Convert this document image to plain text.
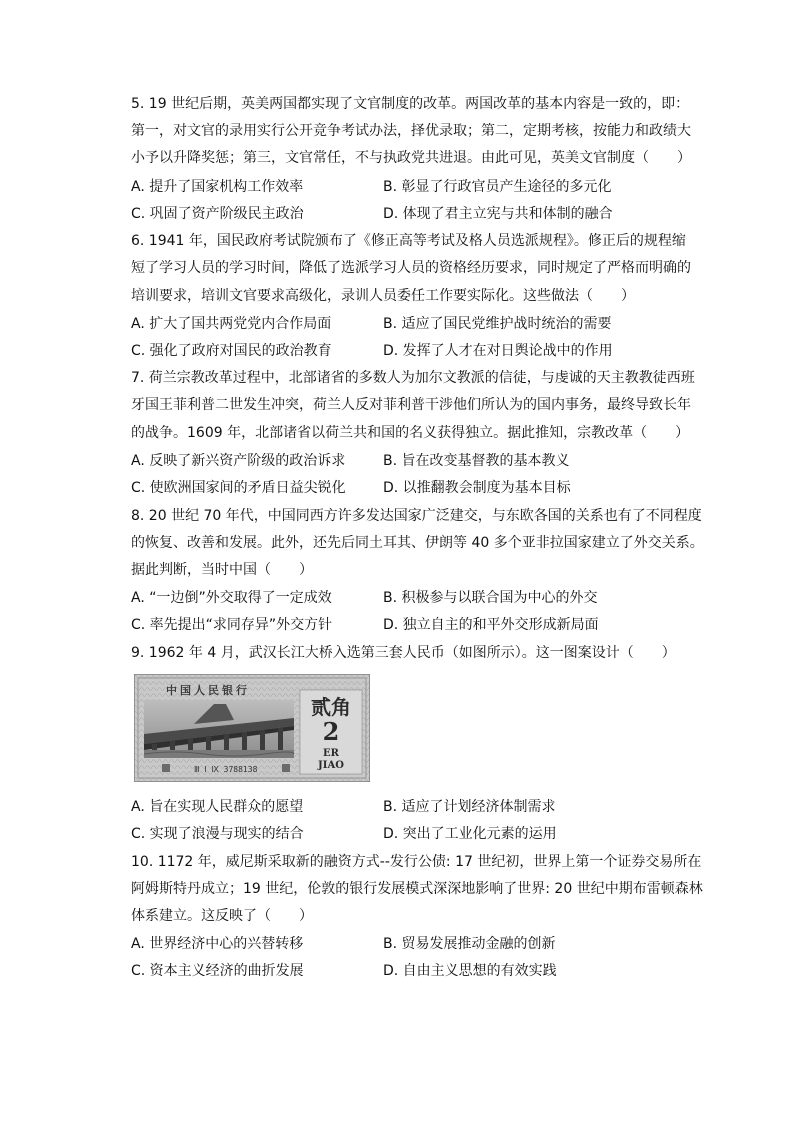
5. 19 世纪后期，英美两国都实现了文官制度的改革。两国改革的基本内容是一致的，即：
第一，对文官的录用实行公开竞争考试办法，择优录取；第二，定期考核，按能力和政绩大
小予以升降奖惩；第三，文官常任，不与执政党共进退。由此可见，英美文官制度（　　）
A. 提升了国家机构工作效率	B. 彰显了行政官员产生途径的多元化
C. 巩固了资产阶级民主政治	D. 体现了君主立宪与共和体制的融合
6. 1941 年，国民政府考试院颁布了《修正高等考试及格人员选派规程》。修正后的规程缩
短了学习人员的学习时间，降低了选派学习人员的资格经历要求，同时规定了严格而明确的
培训要求，培训文官要求高级化，录训人员委任工作要实际化。这些做法（　　）
A. 扩大了国共两党党内合作局面	B. 适应了国民党维护战时统治的需要
C. 强化了政府对国民的政治教育	D. 发挥了人才在对日舆论战中的作用
7. 荷兰宗教改革过程中，北部诸省的多数人为加尔文教派的信徒，与虔诚的天主教教徒西班
牙国王菲利普二世发生冲突，荷兰人反对菲利普干涉他们所认为的国内事务，最终导致长年
的战争。1609 年，北部诸省以荷兰共和国的名义获得独立。据此推知，宗教改革（　　）
A. 反映了新兴资产阶级的政治诉求	B. 旨在改变基督教的基本教义
C. 使欧洲国家间的矛盾日益尖锐化	D. 以推翻教会制度为基本目标
8. 20 世纪 70 年代，中国同西方许多发达国家广泛建交，与东欧各国的关系也有了不同程度
的恢复、改善和发展。此外，还先后同土耳其、伊朗等 40 多个亚非拉国家建立了外交关系。
据此判断，当时中国（　　）
A. “一边倒”外交取得了一定成效	B. 积极参与以联合国为中心的外交
C. 率先提出“求同存异”外交方针	D. 独立自主的和平外交形成新局面
9. 1962 年 4 月，武汉长江大桥入选第三套人民币（如图所示）。这一图案设计（　　）
中国人民银行
贰角
2
ER
JIAO
Ⅲ Ⅰ Ⅸ 3788138
A. 旨在实现人民群众的愿望	B. 适应了计划经济体制需求
C. 实现了浪漫与现实的结合	D. 突出了工业化元素的运用
10. 1172 年，威尼斯采取新的融资方式--发行公债: 17 世纪初，世界上第一个证券交易所在
阿姆斯特丹成立；19 世纪，伦敦的银行发展模式深深地影响了世界: 20 世纪中期布雷顿森林
体系建立。这反映了（　　）
A. 世界经济中心的兴替转移	B. 贸易发展推动金融的创新
C. 资本主义经济的曲折发展	D. 自由主义思想的有效实践
